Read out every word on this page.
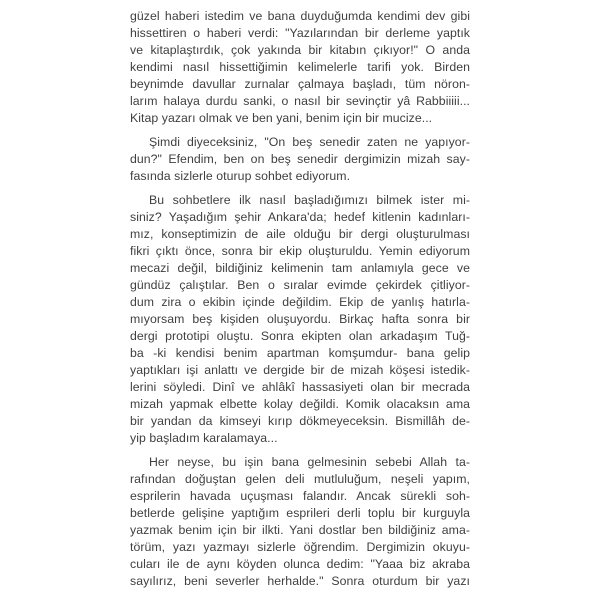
güzel haberi istedim ve bana duyduğumda kendimi dev gibi
hissettiren o haberi verdi: "Yazılarından bir derleme yaptık
ve kitaplaştırdık, çok yakında bir kitabın çıkıyor!" O anda
kendimi nasıl hissettiğimin kelimelerle tarifi yok. Birden
beynimde davullar zurnalar çalmaya başladı, tüm nöron-
larım halaya durdu sanki, o nasıl bir sevinçtir yâ Rabbiiiii...
Kitap yazarı olmak ve ben yani, benim için bir mucize...
Şimdi diyeceksiniz, "On beş senedir zaten ne yapıyor-
dun?" Efendim, ben on beş senedir dergimizin mizah say-
fasında sizlerle oturup sohbet ediyorum.
Bu sohbetlere ilk nasıl başladığımızı bilmek ister mi-
siniz? Yaşadığım şehir Ankara'da; hedef kitlenin kadınları-
mız, konseptimizin de aile olduğu bir dergi oluşturulması
fikri çıktı önce, sonra bir ekip oluşturuldu. Yemin ediyorum
mecazi değil, bildiğiniz kelimenin tam anlamıyla gece ve
gündüz çalıştılar. Ben o sıralar evimde çekirdek çitliyor-
dum zira o ekibin içinde değildim. Ekip de yanlış hatırla-
mıyorsam beş kişiden oluşuyordu. Birkaç hafta sonra bir
dergi prototipi oluştu. Sonra ekipten olan arkadaşım Tuğ-
ba -ki kendisi benim apartman komşumdur- bana gelip
yaptıkları işi anlattı ve dergide bir de mizah köşesi istedik-
lerini söyledi. Dinî ve ahlâkî hassasiyeti olan bir mecrada
mizah yapmak elbette kolay değildi. Komik olacaksın ama
bir yandan da kimseyi kırıp dökmeyeceksin. Bismillâh de-
yip başladım karalamaya...
Her neyse, bu işin bana gelmesinin sebebi Allah ta-
rafından doğuştan gelen deli mutluluğum, neşeli yapım,
esprilerin havada uçuşması falandır. Ancak sürekli soh-
betlerde gelişine yaptığım esprileri derli toplu bir kurguyla
yazmak benim için bir ilkti. Yani dostlar ben bildiğiniz ama-
törüm, yazı yazmayı sizlerle öğrendim. Dergimizin okuyu-
cuları ile de aynı köyden olunca dedim: "Yaaa biz akraba
sayılırız, beni severler herhalde." Sonra oturdum bir yazı
